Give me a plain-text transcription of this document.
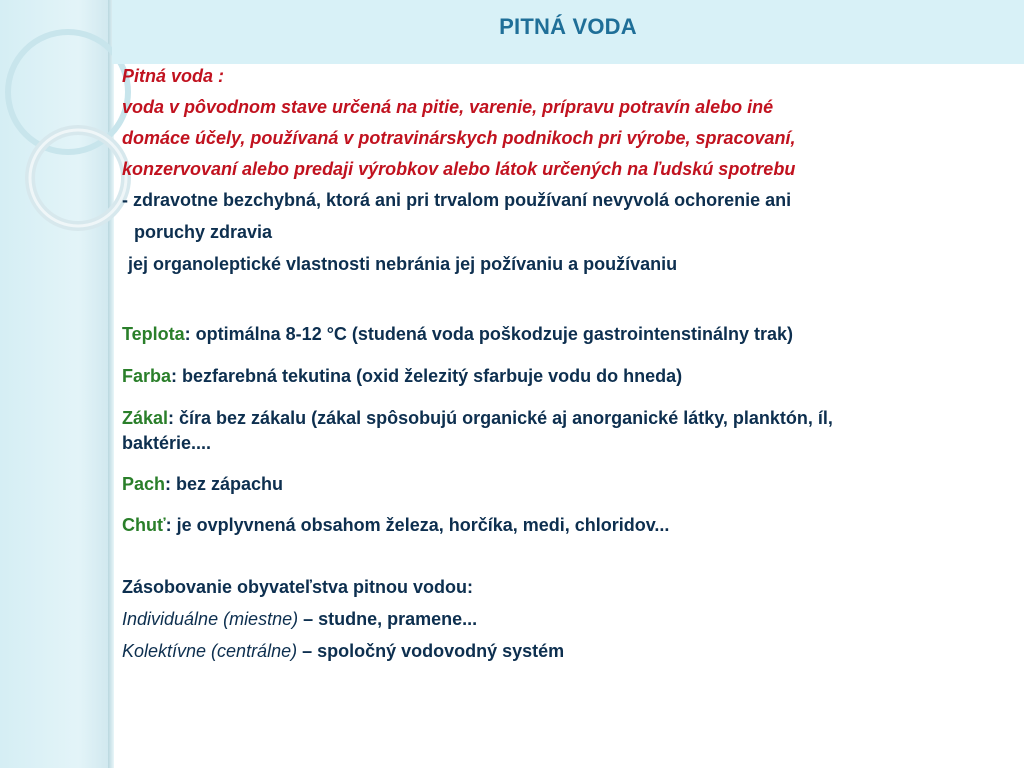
PITNÁ VODA
Pitná voda :
voda v pôvodnom stave určená na pitie, varenie, prípravu potravín alebo iné
domáce účely, používaná v potravinárskych podnikoch pri výrobe, spracovaní,
konzervovaní alebo predaji výrobkov alebo látok určených na ľudskú spotrebu
- zdravotne bezchybná, ktorá ani pri trvalom používaní nevyvolá ochorenie ani
poruchy zdravia
jej organoleptické vlastnosti nebránia jej požívaniu a používaniu
Teplota: optimálna 8-12 °C (studená voda poškodzuje gastrointenstinálny trak)
Farba: bezfarebná tekutina (oxid železitý sfarbuje vodu do hneda)
Zákal: číra bez zákalu (zákal spôsobujú organické aj anorganické látky, planktón, íl,
baktérie....
Pach: bez zápachu
Chuť: je ovplyvnená obsahom železa, horčíka, medi, chloridov...
Zásobovanie obyvateľstva pitnou vodou:
Individuálne (miestne) – studne, pramene...
Kolektívne (centrálne) – spoločný vodovodný systém
